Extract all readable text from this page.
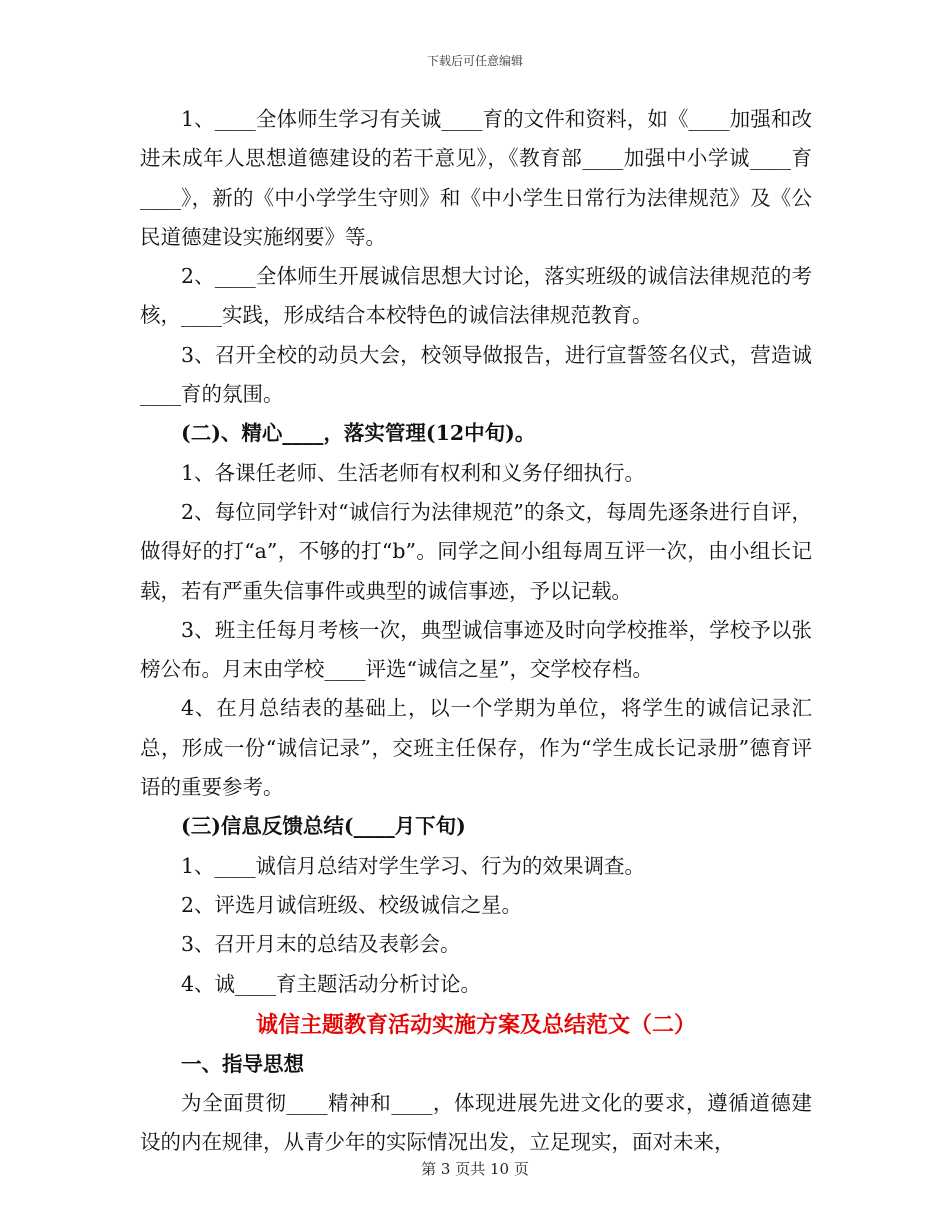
下载后可任意编辑

1、____全体师生学习有关诚____育的文件和资料，如《____加强和改进未成年人思想道德建设的若干意见》，《教育部____加强中小学诚____育____》，新的《中小学学生守则》和《中小学生日常行为法律规范》及《公民道德建设实施纲要》等。

2、____全体师生开展诚信思想大讨论，落实班级的诚信法律规范的考核，____实践，形成结合本校特色的诚信法律规范教育。

3、召开全校的动员大会，校领导做报告，进行宣誓签名仪式，营造诚____育的氛围。

(二)、精心____，落实管理(12中旬)。

1、各课任老师、生活老师有权利和义务仔细执行。

2、每位同学针对“诚信行为法律规范”的条文，每周先逐条进行自评，做得好的打“a”，不够的打“b”。同学之间小组每周互评一次，由小组长记载，若有严重失信事件或典型的诚信事迹，予以记载。

3、班主任每月考核一次，典型诚信事迹及时向学校推举，学校予以张榜公布。月末由学校____评选“诚信之星”，交学校存档。

4、在月总结表的基础上，以一个学期为单位，将学生的诚信记录汇总，形成一份“诚信记录”，交班主任保存，作为“学生成长记录册”德育评语的重要参考。

(三)信息反馈总结(____月下旬)

1、____诚信月总结对学生学习、行为的效果调查。

2、评选月诚信班级、校级诚信之星。

3、召开月末的总结及表彰会。

4、诚____育主题活动分析讨论。

诚信主题教育活动实施方案及总结范文（二）

一、指导思想

为全面贯彻____精神和____，体现进展先进文化的要求，遵循道德建设的内在规律，从青少年的实际情况出发，立足现实，面对未来，

第 3 页共 10 页
